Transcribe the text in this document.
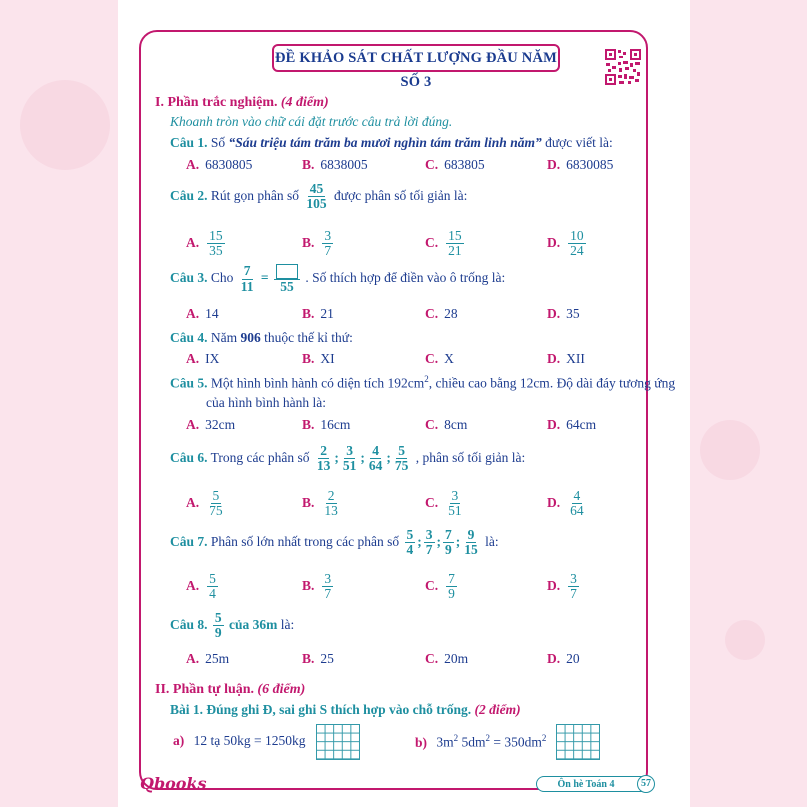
ĐỀ KHẢO SÁT CHẤT LƯỢNG ĐẦU NĂM SỐ 3
I. Phần trắc nghiệm. (4 điểm)
Khoanh tròn vào chữ cái đặt trước câu trả lời đúng.
Câu 1. Số “Sáu triệu tám trăm ba mươi nghìn tám trăm linh năm” được viết là:
A. 6830805	B. 6838005	C. 683805	D. 6830085
Câu 2. Rút gọn phân số $\frac{45}{105}$ được phân số tối giản là:
A. $\frac{15}{35}$	B. $\frac{3}{7}$	C. $\frac{15}{21}$	D. $\frac{10}{24}$
Câu 3. Cho $\frac{7}{11}$ =
55
. Số thích hợp để điền vào ô trống là:
A. 14	B. 21	C. 28	D. 35
Câu 4. Năm 906 thuộc thế kỉ thứ:
A. IX	B. XI	C. X	D. XII
Câu 5. Một hình bình hành có diện tích $192cm^2$, chiều cao bằng 12cm. Độ dài đáy tương ứng
của hình bình hành là:
A. 32cm	B. 16cm	C. 8cm	D. 64cm
Câu 6. Trong các phân số $\frac{2}{13}$ ; $\frac{3}{51}$ ; $\frac{4}{64}$ ; $\frac{5}{75}$ , phân số tối giản là:
A. $\frac{5}{75}$	B. $\frac{2}{13}$	C. $\frac{3}{51}$	D. $\frac{4}{64}$
Câu 7. Phân số lớn nhất trong các phân số $\frac{5}{4}$ ; $\frac{3}{7}$ ; $\frac{7}{9}$ ; $\frac{9}{15}$ là:
A. $\frac{5}{4}$	B. $\frac{3}{7}$	C. $\frac{7}{9}$	D. $\frac{3}{7}$
Câu 8. $\frac{5}{9}$ của 36m là:
A. 25m	B. 25	C. 20m	D. 20
II. Phần tự luận. (6 điểm)
Bài 1. Đúng ghi Đ, sai ghi S thích hợp vào chỗ trống. (2 điểm)
a) 12 tạ 50kg = 1250kg	b) $3m^2$ $5dm^2 = 350dm^2$
Qbooks	Ôn hè Toán 4	57
